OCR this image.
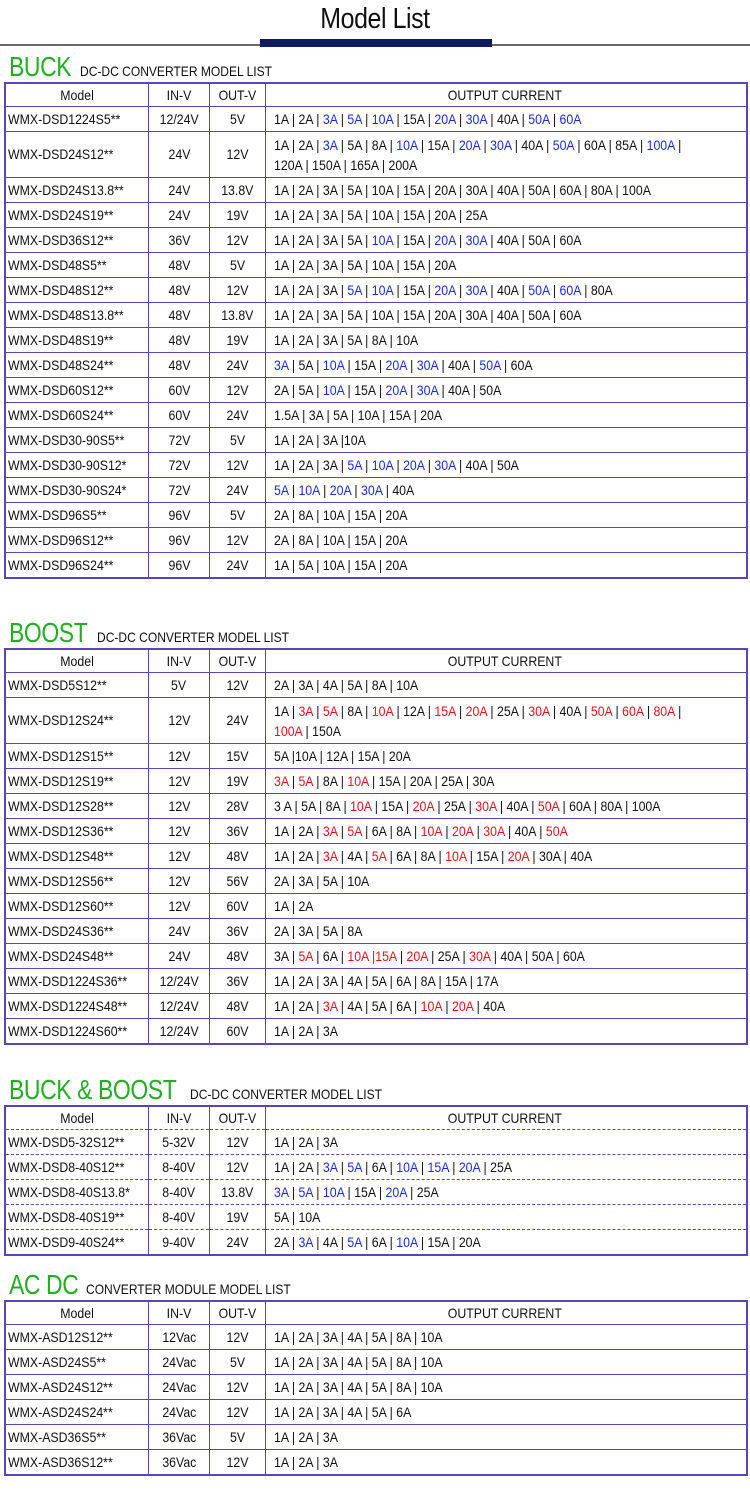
Model List
BUCK DC-DC CONVERTER MODEL LIST
Model	IN-V	OUT-V	OUTPUT CURRENT
WMX-DSD1224S5**	12/24V	5V	1A | 2A | 3A | 5A | 10A | 15A | 20A | 30A | 40A | 50A | 60A
WMX-DSD24S12**	24V	12V	1A | 2A | 3A | 5A | 8A | 10A | 15A | 20A | 30A | 40A | 50A | 60A | 85A | 100A | 120A | 150A | 165A | 200A
WMX-DSD24S13.8**	24V	13.8V	1A | 2A | 3A | 5A | 10A | 15A | 20A | 30A | 40A | 50A | 60A | 80A | 100A
WMX-DSD24S19**	24V	19V	1A | 2A | 3A | 5A | 10A | 15A | 20A | 25A
WMX-DSD36S12**	36V	12V	1A | 2A | 3A | 5A | 10A | 15A | 20A | 30A | 40A | 50A | 60A
WMX-DSD48S5**	48V	5V	1A | 2A | 3A | 5A | 10A | 15A | 20A
WMX-DSD48S12**	48V	12V	1A | 2A | 3A | 5A | 10A | 15A | 20A | 30A | 40A | 50A | 60A | 80A
WMX-DSD48S13.8**	48V	13.8V	1A | 2A | 3A | 5A | 10A | 15A | 20A | 30A | 40A | 50A | 60A
WMX-DSD48S19**	48V	19V	1A | 2A | 3A | 5A | 8A | 10A
WMX-DSD48S24**	48V	24V	3A | 5A | 10A | 15A | 20A | 30A | 40A | 50A | 60A
WMX-DSD60S12**	60V	12V	2A | 5A | 10A | 15A | 20A | 30A | 40A | 50A
WMX-DSD60S24**	60V	24V	1.5A | 3A | 5A | 10A | 15A | 20A
WMX-DSD30-90S5**	72V	5V	1A | 2A | 3A |10A
WMX-DSD30-90S12*	72V	12V	1A | 2A | 3A | 5A | 10A | 20A | 30A | 40A | 50A
WMX-DSD30-90S24*	72V	24V	5A | 10A | 20A | 30A | 40A
WMX-DSD96S5**	96V	5V	2A | 8A | 10A | 15A | 20A
WMX-DSD96S12**	96V	12V	2A | 8A | 10A | 15A | 20A
WMX-DSD96S24**	96V	24V	1A | 5A | 10A | 15A | 20A
BOOST DC-DC CONVERTER MODEL LIST
Model	IN-V	OUT-V	OUTPUT CURRENT
WMX-DSD5S12**	5V	12V	2A | 3A | 4A | 5A | 8A | 10A
WMX-DSD12S24**	12V	24V	1A | 3A | 5A | 8A | 10A | 12A | 15A | 20A | 25A | 30A | 40A | 50A | 60A | 80A | 100A | 150A
WMX-DSD12S15**	12V	15V	5A |10A | 12A | 15A | 20A
WMX-DSD12S19**	12V	19V	3A | 5A | 8A | 10A | 15A | 20A | 25A | 30A
WMX-DSD12S28**	12V	28V	3 A | 5A | 8A | 10A | 15A | 20A | 25A | 30A | 40A | 50A | 60A | 80A | 100A
WMX-DSD12S36**	12V	36V	1A | 2A | 3A | 5A | 6A | 8A | 10A | 20A | 30A | 40A | 50A
WMX-DSD12S48**	12V	48V	1A | 2A | 3A | 4A | 5A | 6A | 8A | 10A | 15A | 20A | 30A | 40A
WMX-DSD12S56**	12V	56V	2A | 3A | 5A | 10A
WMX-DSD12S60**	12V	60V	1A | 2A
WMX-DSD24S36**	24V	36V	2A | 3A | 5A | 8A
WMX-DSD24S48**	24V	48V	3A | 5A | 6A | 10A |15A | 20A | 25A | 30A | 40A | 50A | 60A
WMX-DSD1224S36**	12/24V	36V	1A | 2A | 3A | 4A | 5A | 6A | 8A | 15A | 17A
WMX-DSD1224S48**	12/24V	48V	1A | 2A | 3A | 4A | 5A | 6A | 10A | 20A | 40A
WMX-DSD1224S60**	12/24V	60V	1A | 2A | 3A
BUCK & BOOST DC-DC CONVERTER MODEL LIST
Model	IN-V	OUT-V	OUTPUT CURRENT
WMX-DSD5-32S12**	5-32V	12V	1A | 2A | 3A
WMX-DSD8-40S12**	8-40V	12V	1A | 2A | 3A | 5A | 6A | 10A | 15A | 20A | 25A
WMX-DSD8-40S13.8*	8-40V	13.8V	3A | 5A | 10A | 15A | 20A | 25A
WMX-DSD8-40S19**	8-40V	19V	5A | 10A
WMX-DSD9-40S24**	9-40V	24V	2A | 3A | 4A | 5A | 6A | 10A | 15A | 20A
AC DC CONVERTER MODULE MODEL LIST
Model	IN-V	OUT-V	OUTPUT CURRENT
WMX-ASD12S12**	12Vac	12V	1A | 2A | 3A | 4A | 5A | 8A | 10A
WMX-ASD24S5**	24Vac	5V	1A | 2A | 3A | 4A | 5A | 8A | 10A
WMX-ASD24S12**	24Vac	12V	1A | 2A | 3A | 4A | 5A | 8A | 10A
WMX-ASD24S24**	24Vac	12V	1A | 2A | 3A | 4A | 5A | 6A
WMX-ASD36S5**	36Vac	5V	1A | 2A | 3A
WMX-ASD36S12**	36Vac	12V	1A | 2A | 3A
